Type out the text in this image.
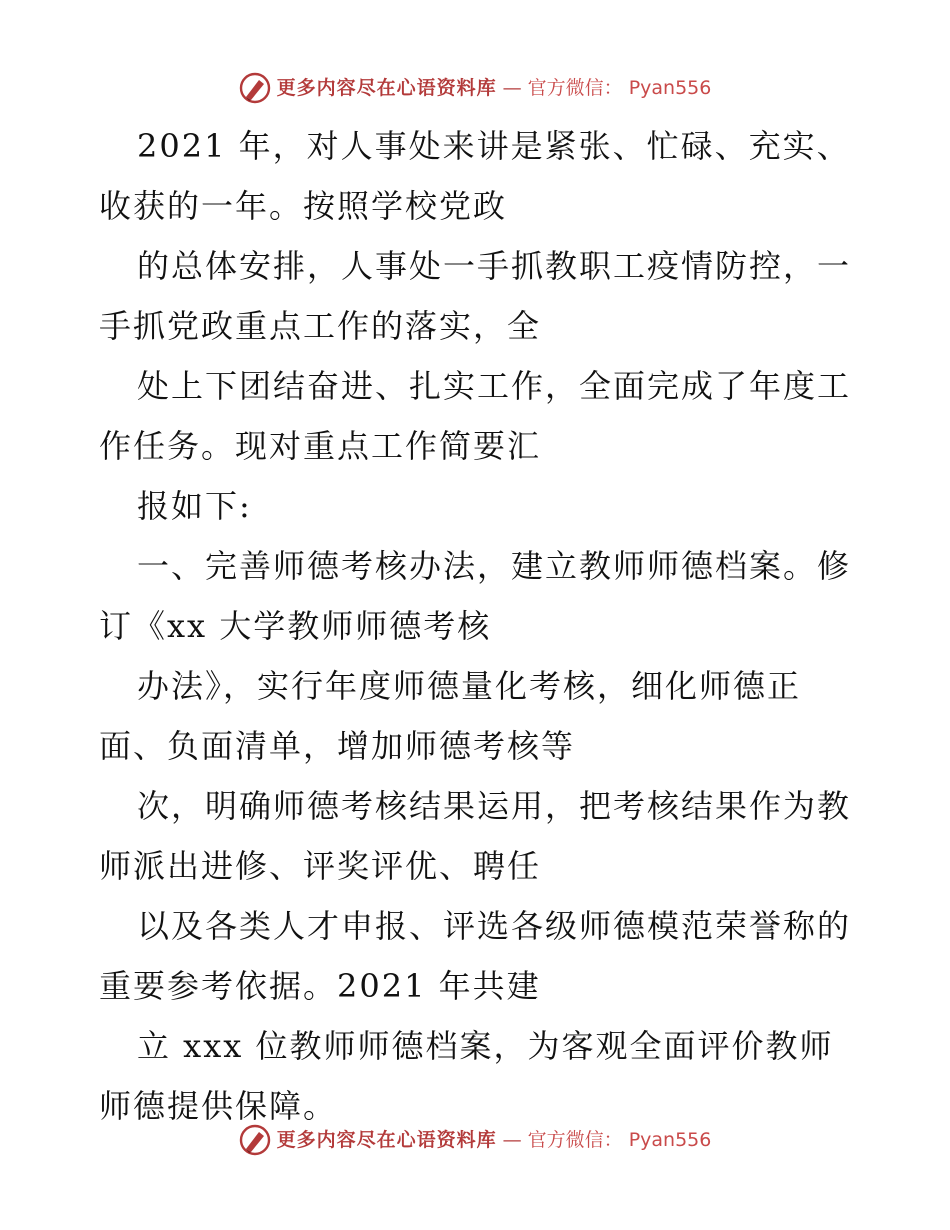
更多内容尽在心语资料库 — 官方微信： Pyan556
2021 年，对人事处来讲是紧张、忙碌、充实、
收获的一年。按照学校党政
的总体安排，人事处一手抓教职工疫情防控，一
手抓党政重点工作的落实，全
处上下团结奋进、扎实工作，全面完成了年度工
作任务。现对重点工作简要汇
报如下:
一、完善师德考核办法，建立教师师德档案。修
订《xx 大学教师师德考核
办法》，实行年度师德量化考核，细化师德正
面、负面清单，增加师德考核等
次，明确师德考核结果运用，把考核结果作为教
师派出进修、评奖评优、聘任
以及各类人才申报、评选各级师德模范荣誉称的
重要参考依据。2021 年共建
立 xxx 位教师师德档案，为客观全面评价教师
师德提供保障。
更多内容尽在心语资料库 — 官方微信： Pyan556
